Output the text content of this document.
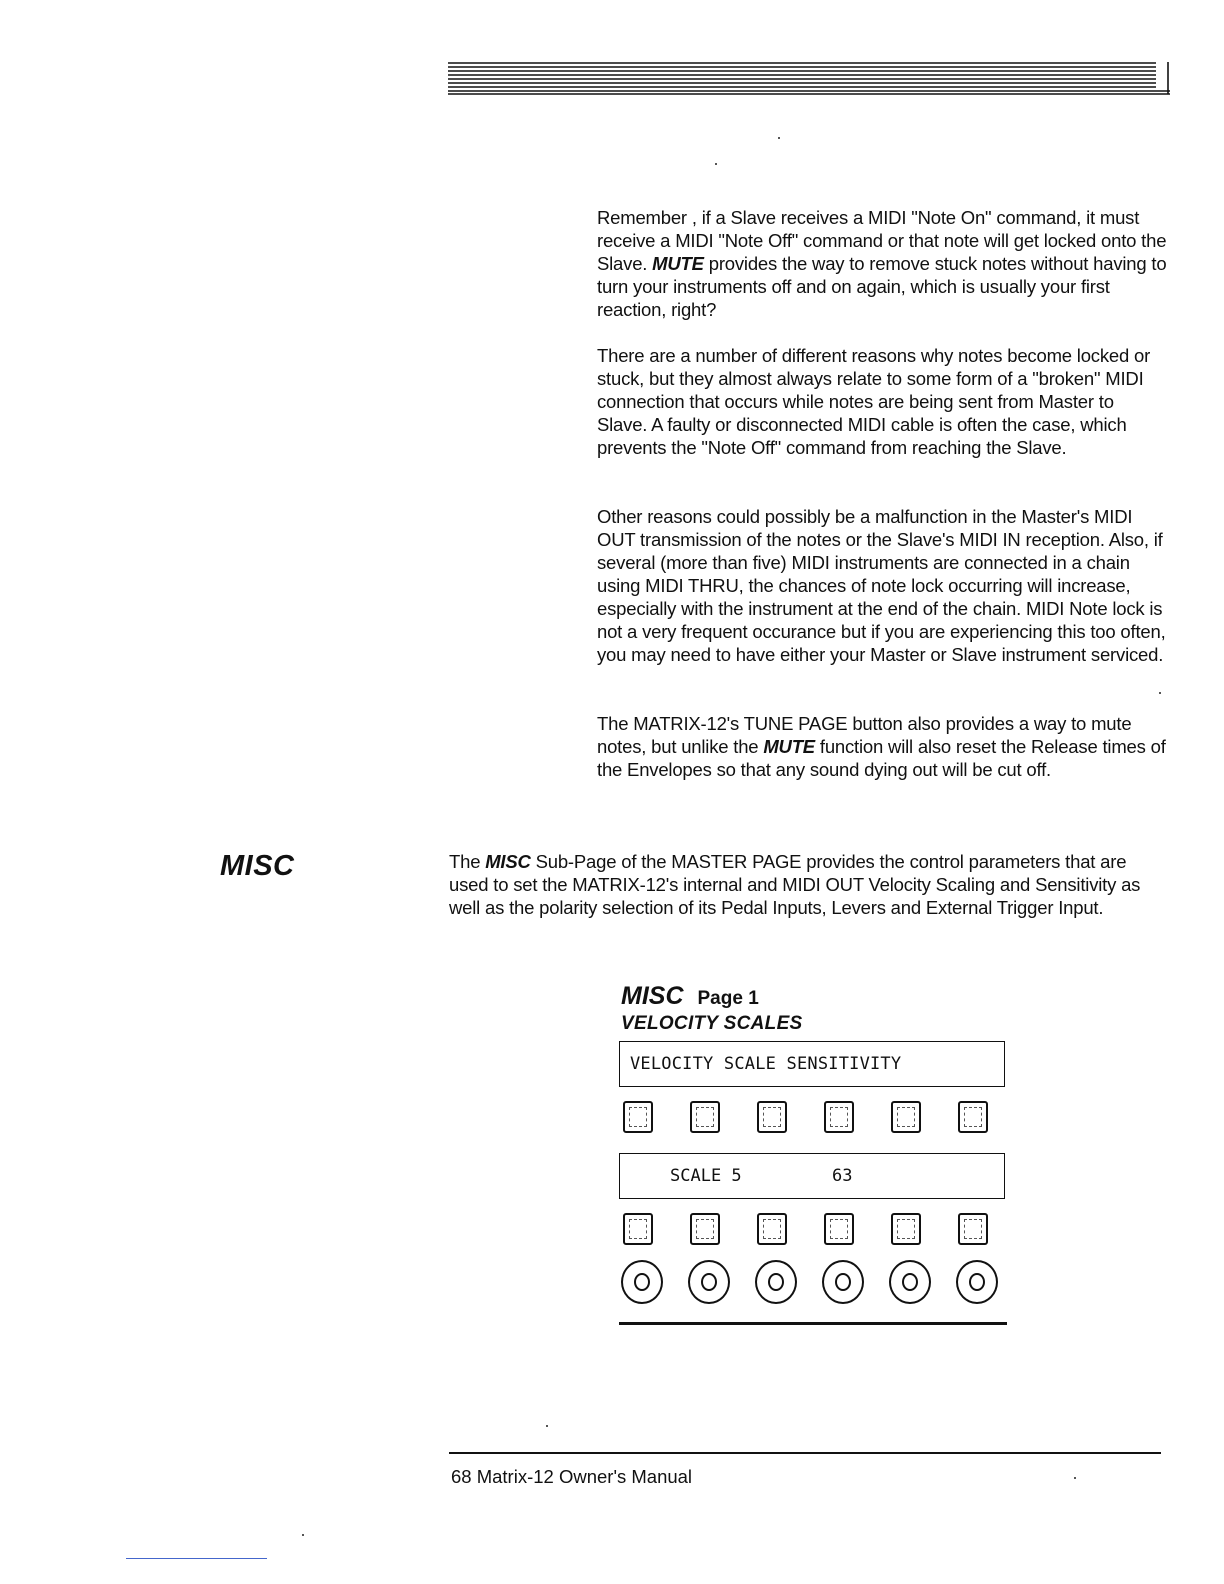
Remember , if a Slave receives a MIDI "Note On" command, it must receive a MIDI "Note Off" command or that note will get locked onto the Slave. MUTE provides the way to remove stuck notes without having to turn your instruments off and on again, which is usually your first reaction, right?

There are a number of different reasons why notes become locked or stuck, but they almost always relate to some form of a "broken" MIDI connection that occurs while notes are being sent from Master to Slave. A faulty or disconnected MIDI cable is often the case, which prevents the "Note Off" command from reaching the Slave.

Other reasons could possibly be a malfunction in the Master's MIDI OUT transmission of the notes or the Slave's MIDI IN reception. Also, if several (more than five) MIDI instruments are connected in a chain using MIDI THRU, the chances of note lock occurring will increase, especially with the instrument at the end of the chain. MIDI Note lock is not a very frequent occurance but if you are experiencing this too often, you may need to have either your Master or Slave instrument serviced.

The MATRIX-12's TUNE PAGE button also provides a way to mute notes, but unlike the MUTE function will also reset the Release times of the Envelopes so that any sound dying out will be cut off.

MISC	The MISC Sub-Page of the MASTER PAGE provides the control parameters that are used to set the MATRIX-12's internal and MIDI OUT Velocity Scaling and Sensitivity as well as the polarity selection of its Pedal Inputs, Levers and External Trigger Input.

MISC Page 1

VELOCITY SCALES

VELOCITY SCALE SENSITIVITY
SCALE 5	63

68 Matrix-12 Owner's Manual
